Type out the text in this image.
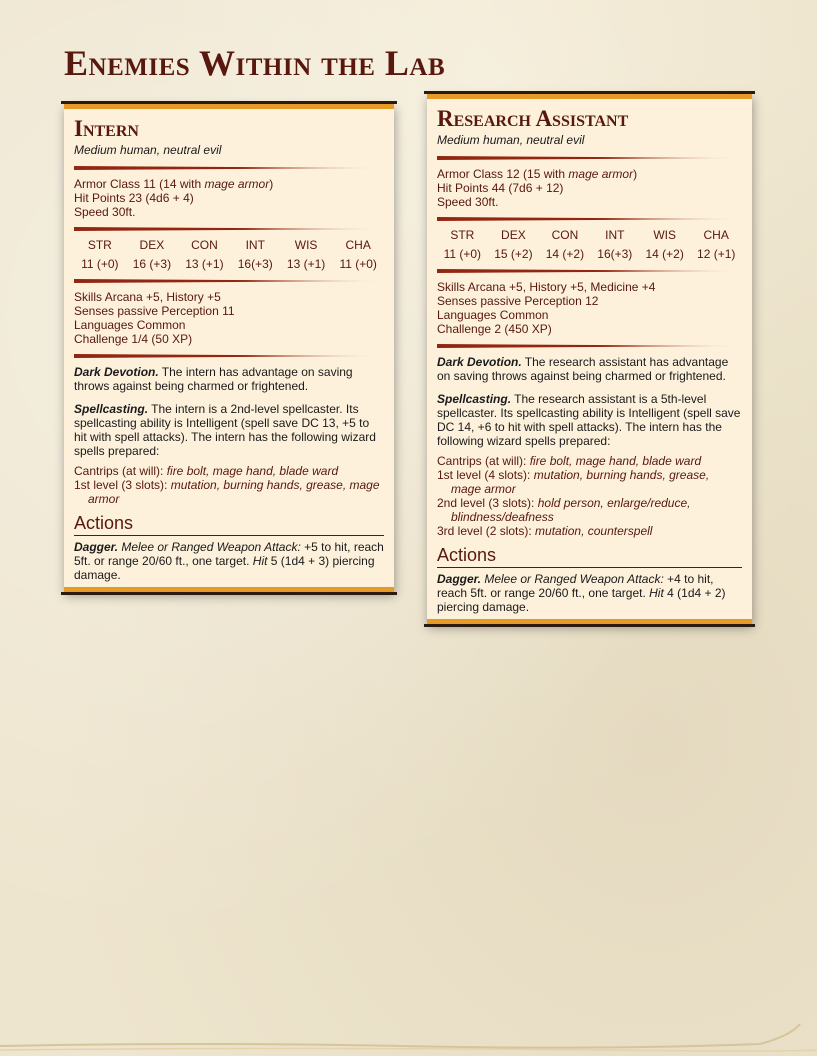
Enemies Within the Lab
Intern

Medium human, neutral evil

Armor Class 11 (14 with mage armor)
Hit Points 23 (4d6 + 4)
Speed 30ft.
STR
11 (+0)
DEX
16 (+3)
CON
13 (+1)
INT
16(+3)
WIS
13 (+1)
CHA
11 (+0)
Skills Arcana +5, History +5
Senses passive Perception 11
Languages Common
Challenge 1/4 (50 XP)

Dark Devotion. The intern has advantage on saving throws against being charmed or frightened.

Spellcasting. The intern is a 2nd-level spellcaster. Its spellcasting ability is Intelligent (spell save DC 13, +5 to hit with spell attacks). The intern has the following wizard spells prepared:

Cantrips (at will): fire bolt, mage hand, blade ward
1st level (3 slots): mutation, burning hands, grease, mage armor
Actions

Dagger. Melee or Ranged Weapon Attack: +5 to hit, reach 5ft. or range 20/60 ft., one target. Hit 5 (1d4 + 3) piercing damage.

Research Assistant

Medium human, neutral evil

Armor Class 12 (15 with mage armor)
Hit Points 44 (7d6 + 12)
Speed 30ft.
STR
11 (+0)
DEX
15 (+2)
CON
14 (+2)
INT
16(+3)
WIS
14 (+2)
CHA
12 (+1)
Skills Arcana +5, History +5, Medicine +4
Senses passive Perception 12
Languages Common
Challenge 2 (450 XP)

Dark Devotion. The research assistant has advantage on saving throws against being charmed or frightened.

Spellcasting. The research assistant is a 5th-level spellcaster. Its spellcasting ability is Intelligent (spell save DC 14, +6 to hit with spell attacks). The intern has the following wizard spells prepared:

Cantrips (at will): fire bolt, mage hand, blade ward
1st level (4 slots): mutation, burning hands, grease, mage armor
2nd level (3 slots): hold person, enlarge/reduce, blindness/deafness
3rd level (2 slots): mutation, counterspell
Actions

Dagger. Melee or Ranged Weapon Attack: +4 to hit, reach 5ft. or range 20/60 ft., one target. Hit 4 (1d4 + 2) piercing damage.
